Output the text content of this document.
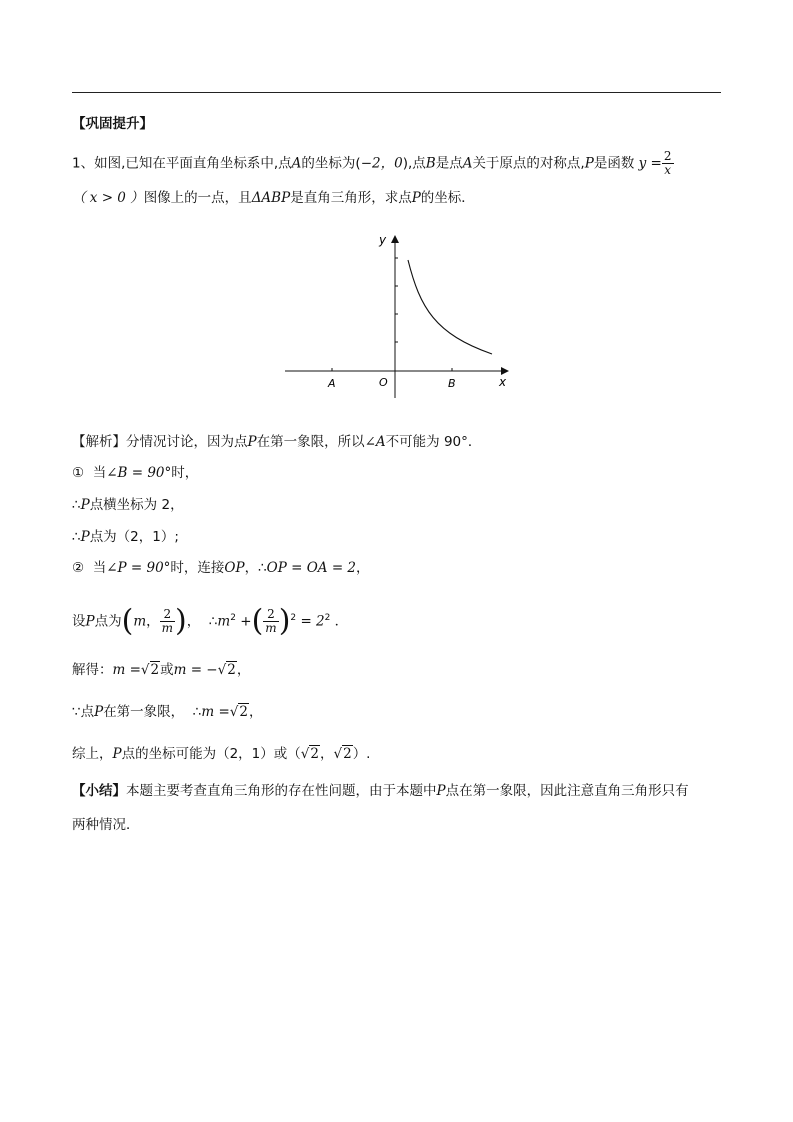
【巩固提升】
1、如图,已知在平面直角坐标系中,点A的坐标为(−2，0),点B是点A关于原点的对称点,P是函数 $y = \frac{2}{x}$
（ x > 0 ）图像上的一点，且ΔABP是直角三角形，求点P的坐标．
y
x
O
A	B
【解析】分情况讨论，因为点P在第一象限，所以∠A不可能为 90°．
① 当∠B = 90°时，
∴P点横坐标为 2，
∴P点为（2，1）;
② 当∠P = 90°时，连接OP，∴OP = OA = 2，
设P点为(m， $\frac{2}{m}$ )， $\therefore m^2$ +( $\frac{2}{m} )^2 = 2^2$ ．
解得：m =√2或m = −√2，
∵点P在第一象限， ∴m =√2，
综上，P点的坐标可能为（2，1）或（√2，√2）.
【小结】本题主要考查直角三角形的存在性问题，由于本题中P点在第一象限，因此注意直角三角形只有
两种情况．
